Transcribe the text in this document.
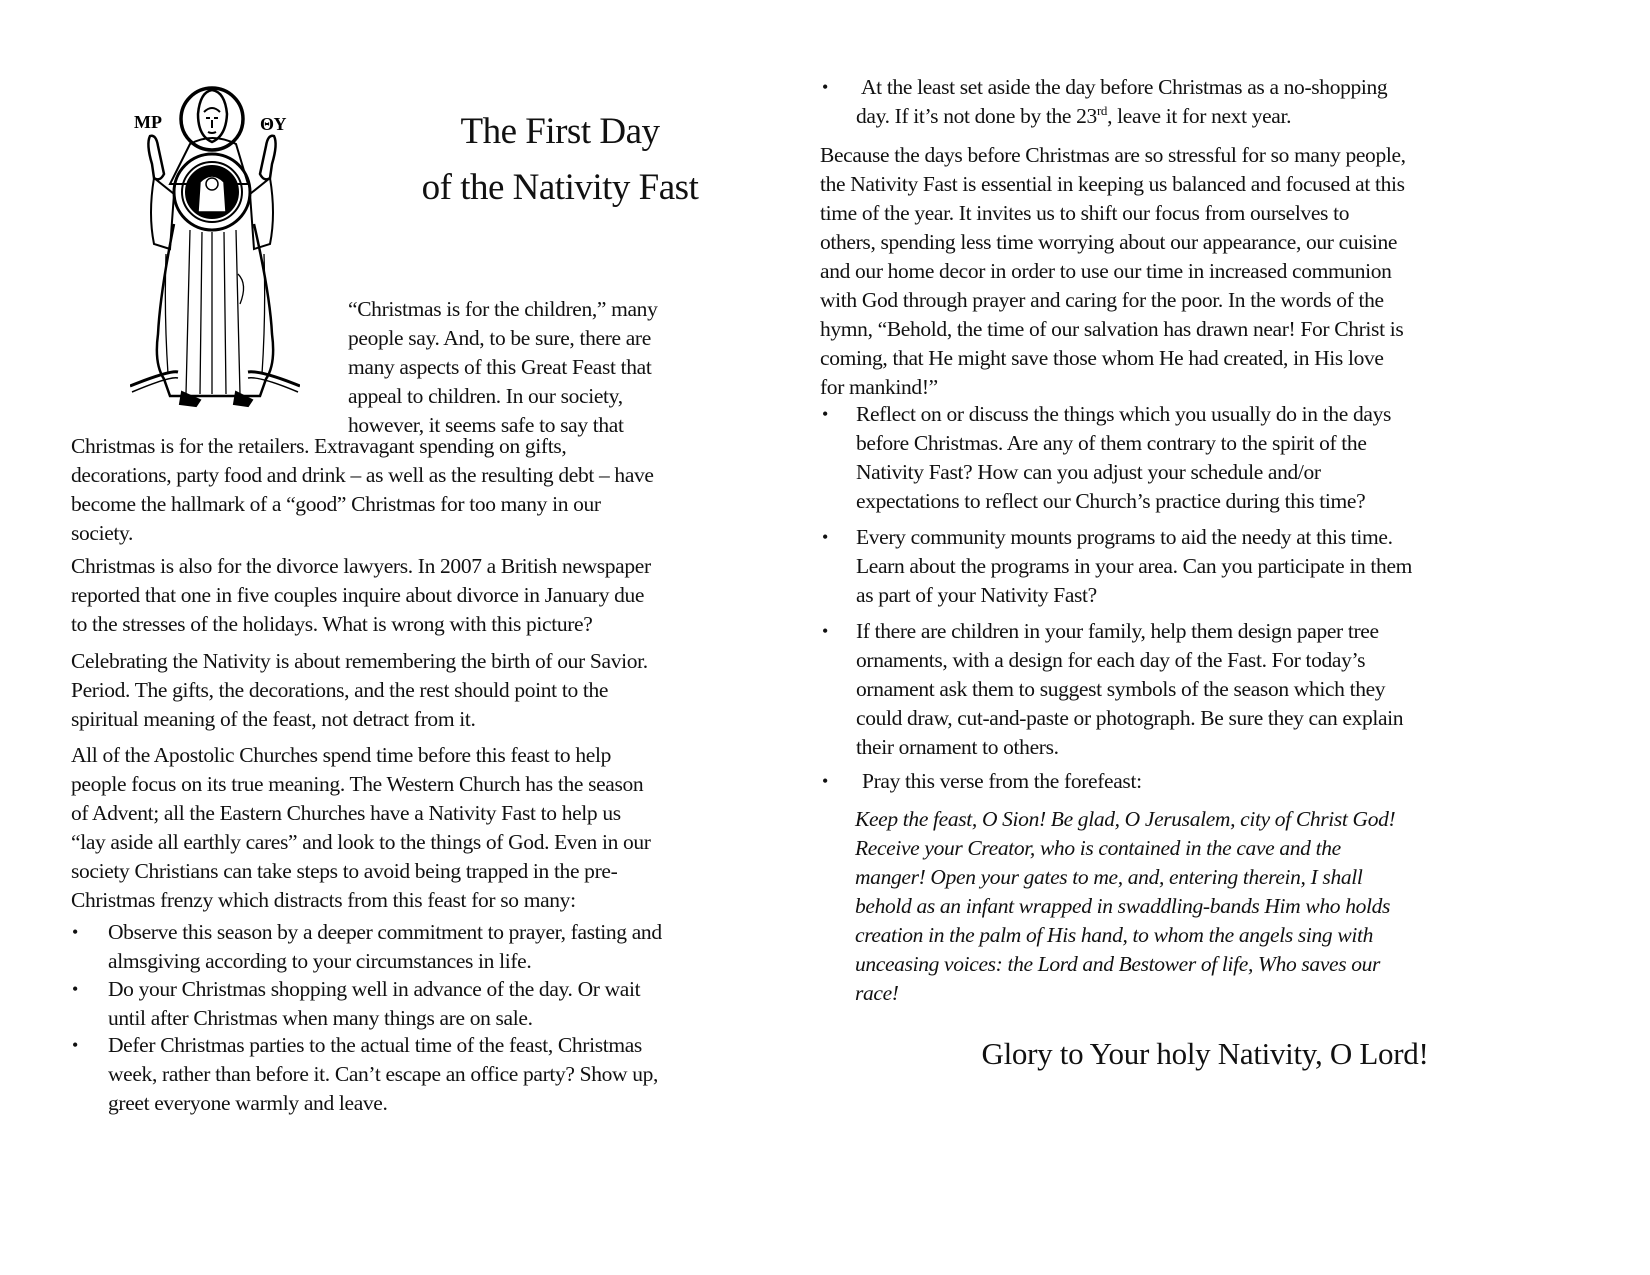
MP	ΘΥ	The First Day
of the Nativity Fast
“Christmas is for the children,” many
people say. And, to be sure, there are
many aspects of this Great Feast that
appeal to children. In our society,
however, it seems safe to say that
Christmas is for the retailers. Extravagant spending on gifts,
decorations, party food and drink – as well as the resulting debt – have
become the hallmark of a “good” Christmas for too many in our
society.
Christmas is also for the divorce lawyers. In 2007 a British newspaper
reported that one in five couples inquire about divorce in January due
to the stresses of the holidays. What is wrong with this picture?
Celebrating the Nativity is about remembering the birth of our Savior.
Period. The gifts, the decorations, and the rest should point to the
spiritual meaning of the feast, not detract from it.
All of the Apostolic Churches spend time before this feast to help
people focus on its true meaning. The Western Church has the season
of Advent; all the Eastern Churches have a Nativity Fast to help us
“lay aside all earthly cares” and look to the things of God. Even in our
society Christians can take steps to avoid being trapped in the pre-
Christmas frenzy which distracts from this feast for so many:
• Observe this season by a deeper commitment to prayer, fasting and
almsgiving according to your circumstances in life.
• Do your Christmas shopping well in advance of the day. Or wait
until after Christmas when many things are on sale.
• Defer Christmas parties to the actual time of the feast, Christmas
week, rather than before it. Can’t escape an office party? Show up,
greet everyone warmly and leave.
• At the least set aside the day before Christmas as a no-shopping
day. If it’s not done by the 23rd, leave it for next year.
Because the days before Christmas are so stressful for so many people,
the Nativity Fast is essential in keeping us balanced and focused at this
time of the year. It invites us to shift our focus from ourselves to
others, spending less time worrying about our appearance, our cuisine
and our home decor in order to use our time in increased communion
with God through prayer and caring for the poor. In the words of the
hymn, “Behold, the time of our salvation has drawn near! For Christ is
coming, that He might save those whom He had created, in His love
for mankind!”
• Reflect on or discuss the things which you usually do in the days
before Christmas. Are any of them contrary to the spirit of the
Nativity Fast? How can you adjust your schedule and/or
expectations to reflect our Church’s practice during this time?
• Every community mounts programs to aid the needy at this time.
Learn about the programs in your area. Can you participate in them
as part of your Nativity Fast?
• If there are children in your family, help them design paper tree
ornaments, with a design for each day of the Fast. For today’s
ornament ask them to suggest symbols of the season which they
could draw, cut-and-paste or photograph. Be sure they can explain
their ornament to others.
• Pray this verse from the forefeast:
Keep the feast, O Sion! Be glad, O Jerusalem, city of Christ God!
Receive your Creator, who is contained in the cave and the
manger! Open your gates to me, and, entering therein, I shall
behold as an infant wrapped in swaddling-bands Him who holds
creation in the palm of His hand, to whom the angels sing with
unceasing voices: the Lord and Bestower of life, Who saves our
race!
Glory to Your holy Nativity, O Lord!
